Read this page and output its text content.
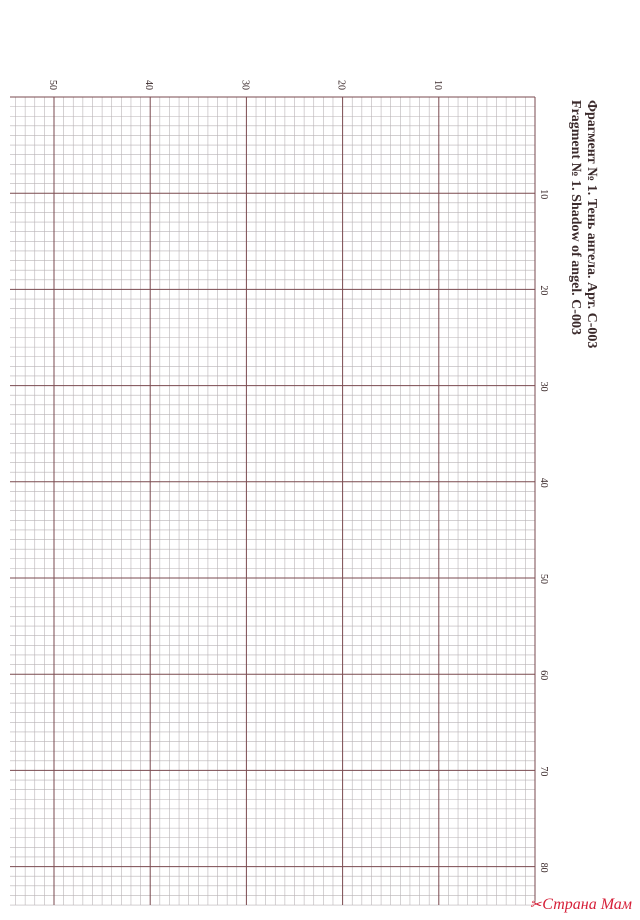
10
20
30
40
50
10
20
30
40
50
60
70
80
Фрагмент № 1. Тень ангела. Арт. С-003
Fragment № 1. Shadow of angel. C-003
✂Страна Мам
